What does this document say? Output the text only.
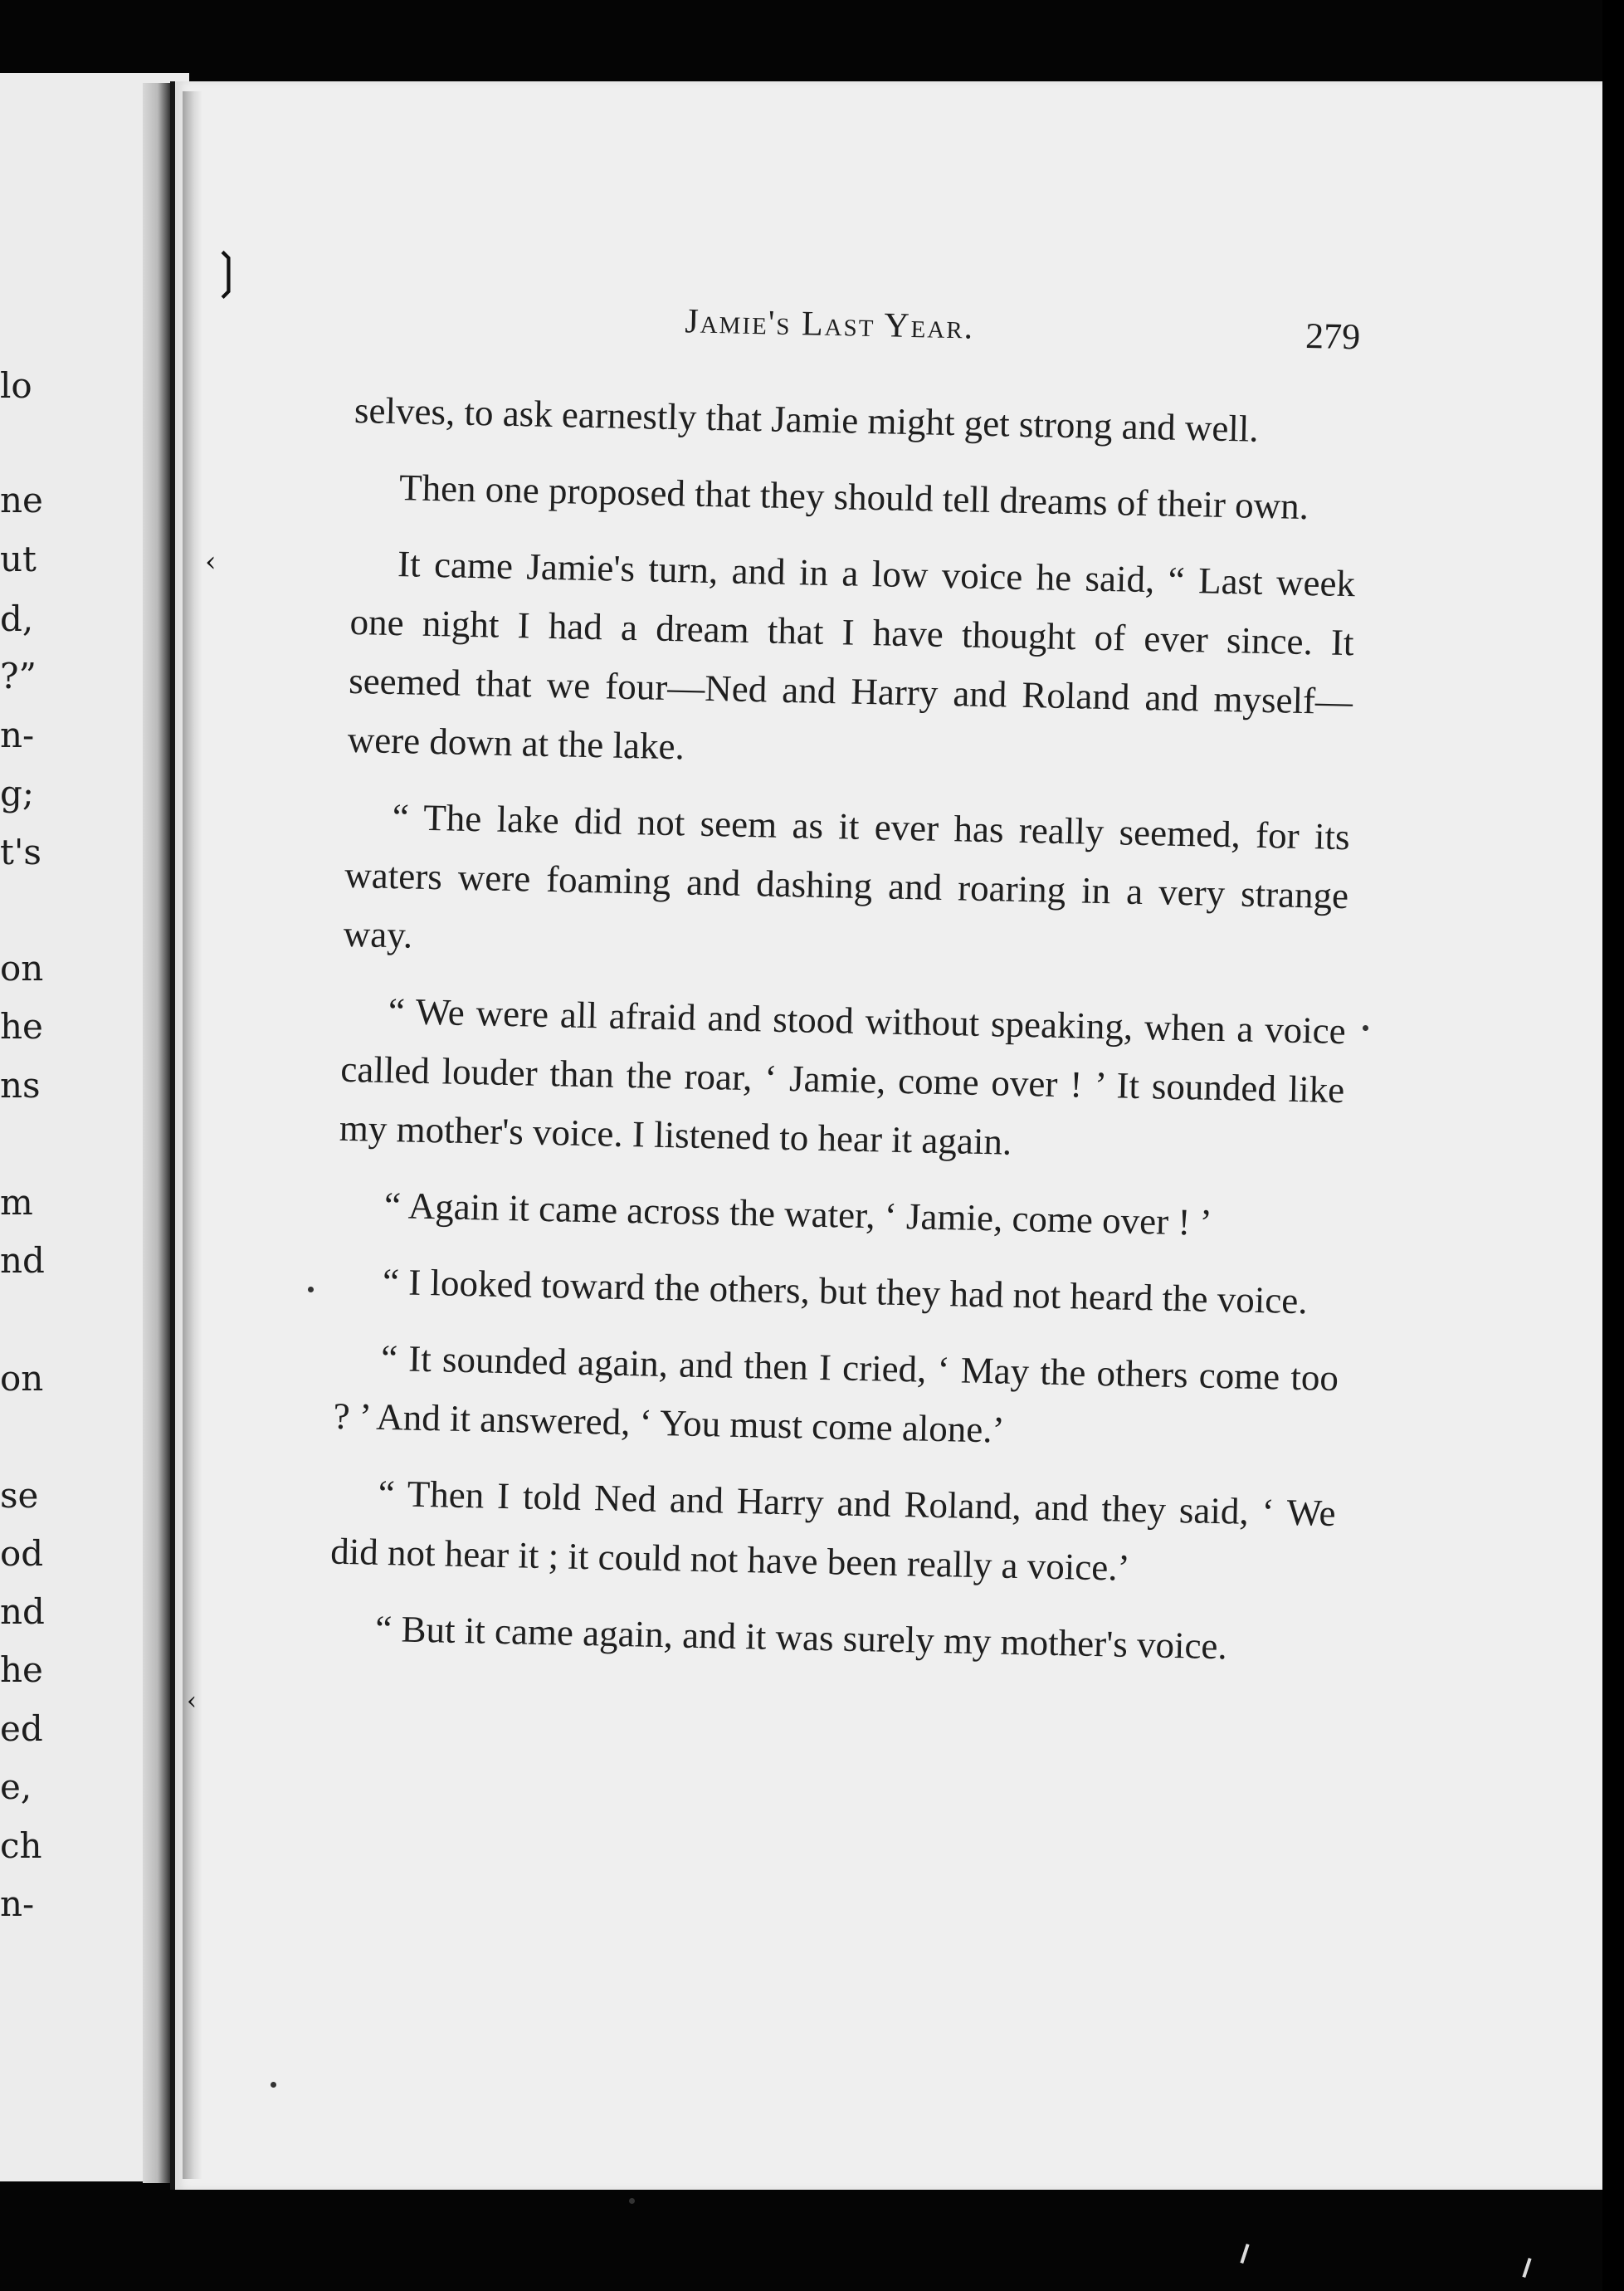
lo
ne
ut
d,
?”
n-
g;
t's
on
he
ns
m
nd
on
se
od
nd
he
ed
e,
ch
n-
❳
‹
‹
Jamie's Last Year.	279

selves, to ask earnestly that Jamie might get strong and well.

Then one proposed that they should tell dreams of their own.

It came Jamie's turn, and in a low voice he said, “ Last week one night I had a dream that I have thought of ever since. It seemed that we four—Ned and Harry and Roland and myself—were down at the lake.

“ The lake did not seem as it ever has really seemed, for its waters were foaming and dashing and roaring in a very strange way.

“ We were all afraid and stood without speaking, when a voice called louder than the roar, ‘ Jamie, come over ! ’ It sounded like my mother's voice. I listened to hear it again.

“ Again it came across the water, ‘ Jamie, come over ! ’

“ I looked toward the others, but they had not heard the voice.

“ It sounded again, and then I cried, ‘ May the others come too ? ’ And it answered, ‘ You must come alone.’

“ Then I told Ned and Harry and Roland, and they said, ‘ We did not hear it ; it could not have been really a voice.’

“ But it came again, and it was surely my mother's voice.
